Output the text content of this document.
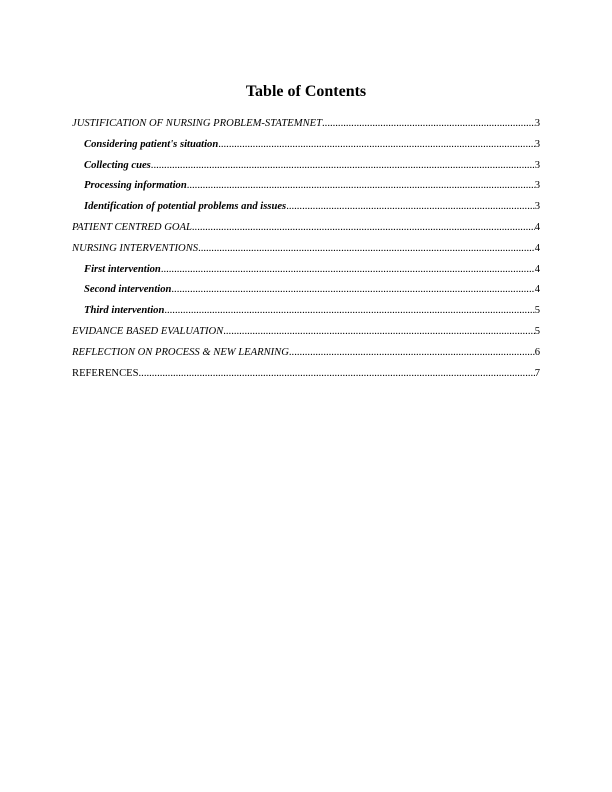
Table of Contents
JUSTIFICATION OF NURSING PROBLEM-STATEMNET .....	3
Considering patient's situation .....	3
Collecting cues .....	3
Processing information .....	3
Identification of potential problems and issues .....	3
PATIENT CENTRED GOAL .....	4
NURSING INTERVENTIONS .....	4
First intervention .....	4
Second intervention .....	4
Third intervention .....	5
EVIDANCE BASED EVALUATION .....	5
REFLECTION ON PROCESS & NEW LEARNING .....	6
REFERENCES .....	7
